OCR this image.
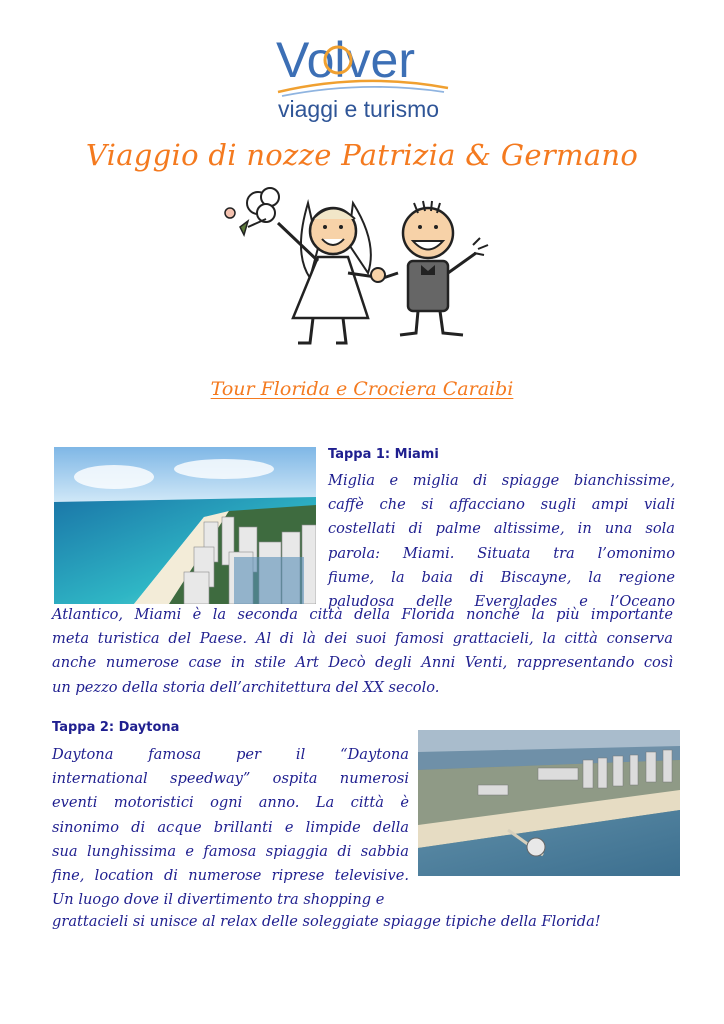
Volver
viaggi e turismo
Viaggio di nozze Patrizia & Germano
Tour Florida e Crociera Caraibi
Tappa 1: Miami
Miglia e miglia di spiagge bianchissime,
caffè che si affacciano sugli ampi viali
costellati di palme altissime, in una sola
parola: Miami. Situata tra l’omonimo
fiume, la baia di Biscayne, la regione
paludosa delle Everglades e l’Oceano
Atlantico, Miami è la seconda città della Florida nonché la più importante
meta turistica del Paese. Al di là dei suoi famosi grattacieli, la città conserva
anche numerose case in stile Art Decò degli Anni Venti, rappresentando così
un pezzo della storia dell’architettura del XX secolo.
Tappa 2: Daytona
Daytona famosa per il “Daytona
international speedway” ospita numerosi
eventi motoristici ogni anno. La città è
sinonimo di acque brillanti e limpide della
sua lunghissima e famosa spiaggia di sabbia
fine, location di numerose riprese televisive.
Un luogo dove il divertimento tra shopping e
grattacieli si unisce al relax delle soleggiate spiagge tipiche della Florida!
